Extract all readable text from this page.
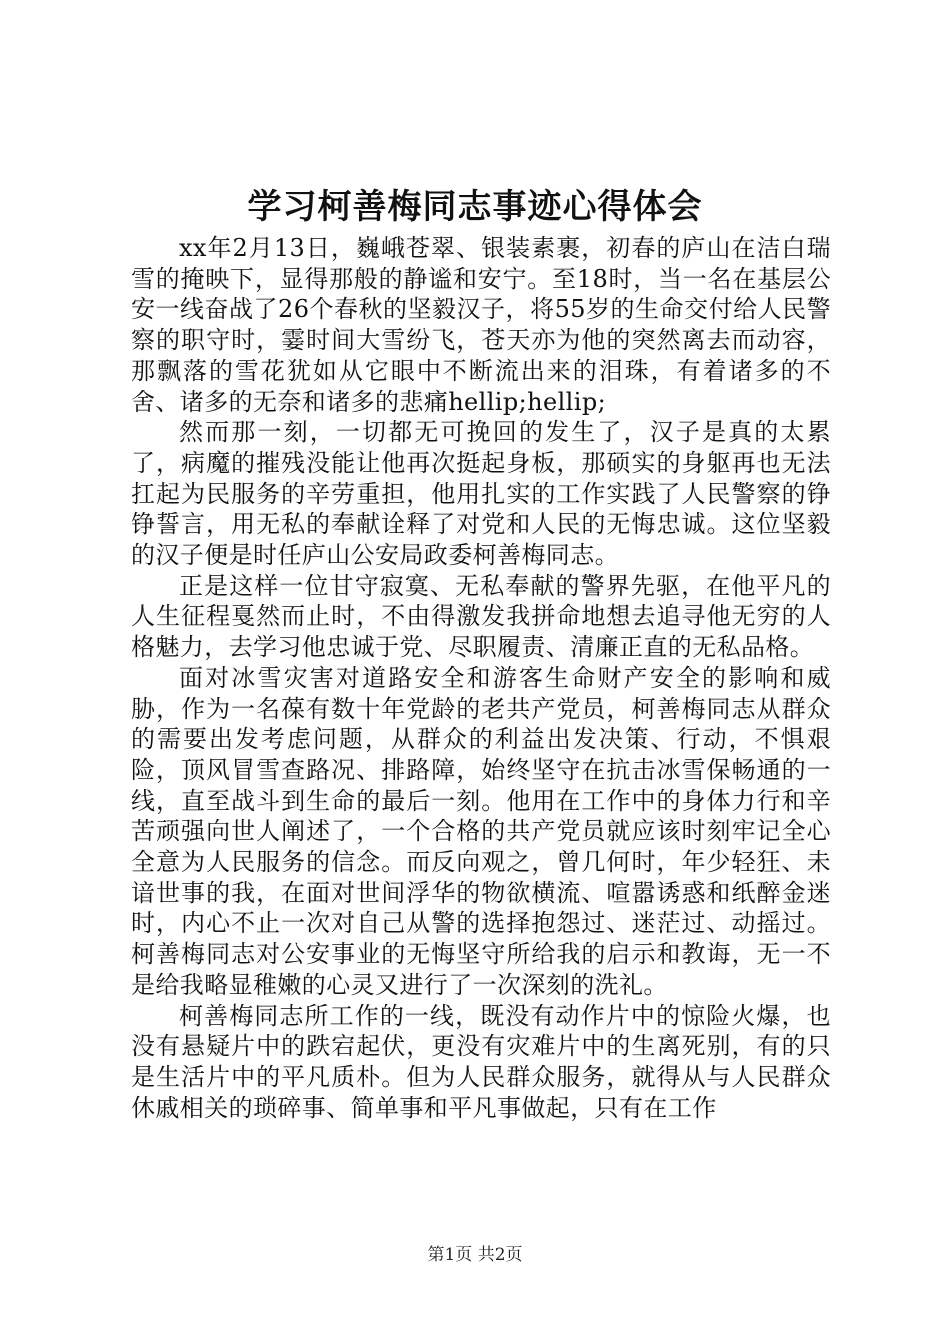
学习柯善梅同志事迹心得体会

xx年2月13日，巍峨苍翠、银装素裹，初春的庐山在洁白瑞雪的掩映下，显得那般的静谧和安宁。至18时，当一名在基层公安一线奋战了26个春秋的坚毅汉子，将55岁的生命交付给人民警察的职守时，霎时间大雪纷飞，苍天亦为他的突然离去而动容，那飘落的雪花犹如从它眼中不断流出来的泪珠，有着诸多的不舍、诸多的无奈和诸多的悲痛hellip;hellip;

然而那一刻，一切都无可挽回的发生了，汉子是真的太累了，病魔的摧残没能让他再次挺起身板，那硕实的身躯再也无法扛起为民服务的辛劳重担，他用扎实的工作实践了人民警察的铮铮誓言，用无私的奉献诠释了对党和人民的无悔忠诚。这位坚毅的汉子便是时任庐山公安局政委柯善梅同志。

正是这样一位甘守寂寞、无私奉献的警界先驱，在他平凡的人生征程戛然而止时，不由得激发我拼命地想去追寻他无穷的人格魅力，去学习他忠诚于党、尽职履责、清廉正直的无私品格。

面对冰雪灾害对道路安全和游客生命财产安全的影响和威胁，作为一名葆有数十年党龄的老共产党员，柯善梅同志从群众的需要出发考虑问题，从群众的利益出发决策、行动，不惧艰险，顶风冒雪查路况、排路障，始终坚守在抗击冰雪保畅通的一线，直至战斗到生命的最后一刻。他用在工作中的身体力行和辛苦顽强向世人阐述了，一个合格的共产党员就应该时刻牢记全心全意为人民服务的信念。而反向观之，曾几何时，年少轻狂、未谙世事的我，在面对世间浮华的物欲横流、喧嚣诱惑和纸醉金迷时，内心不止一次对自己从警的选择抱怨过、迷茫过、动摇过。柯善梅同志对公安事业的无悔坚守所给我的启示和教诲，无一不是给我略显稚嫩的心灵又进行了一次深刻的洗礼。

柯善梅同志所工作的一线，既没有动作片中的惊险火爆，也没有悬疑片中的跌宕起伏，更没有灾难片中的生离死别，有的只是生活片中的平凡质朴。但为人民群众服务，就得从与人民群众休戚相关的琐碎事、简单事和平凡事做起，只有在工作

第1页 共2页
